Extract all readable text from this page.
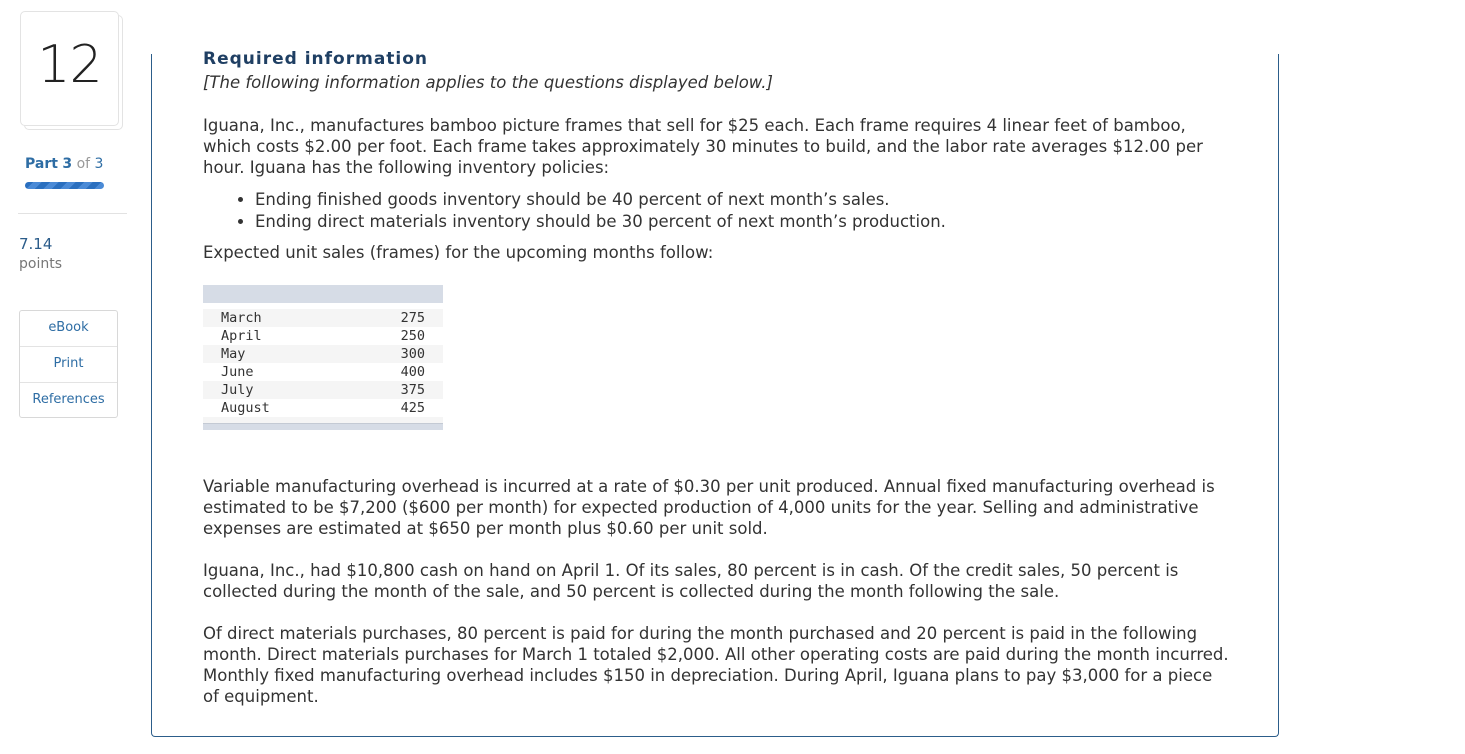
12
Part 3 of 3
7.14
points
eBook
Print
References
Required information

[The following information applies to the questions displayed below.]

Iguana, Inc., manufactures bamboo picture frames that sell for $25 each. Each frame requires 4 linear feet of bamboo, which costs $2.00 per foot. Each frame takes approximately 30 minutes to build, and the labor rate averages $12.00 per hour. Iguana has the following inventory policies:

• Ending finished goods inventory should be 40 percent of next month’s sales.
• Ending direct materials inventory should be 30 percent of next month’s production.

Expected unit sales (frames) for the upcoming months follow:

March	275
April	250
May	300
June	400
July	375
August	425

Variable manufacturing overhead is incurred at a rate of $0.30 per unit produced. Annual fixed manufacturing overhead is estimated to be $7,200 ($600 per month) for expected production of 4,000 units for the year. Selling and administrative expenses are estimated at $650 per month plus $0.60 per unit sold.

Iguana, Inc., had $10,800 cash on hand on April 1. Of its sales, 80 percent is in cash. Of the credit sales, 50 percent is collected during the month of the sale, and 50 percent is collected during the month following the sale.

Of direct materials purchases, 80 percent is paid for during the month purchased and 20 percent is paid in the following month. Direct materials purchases for March 1 totaled $2,000. All other operating costs are paid during the month incurred. Monthly fixed manufacturing overhead includes $150 in depreciation. During April, Iguana plans to pay $3,000 for a piece of equipment.
